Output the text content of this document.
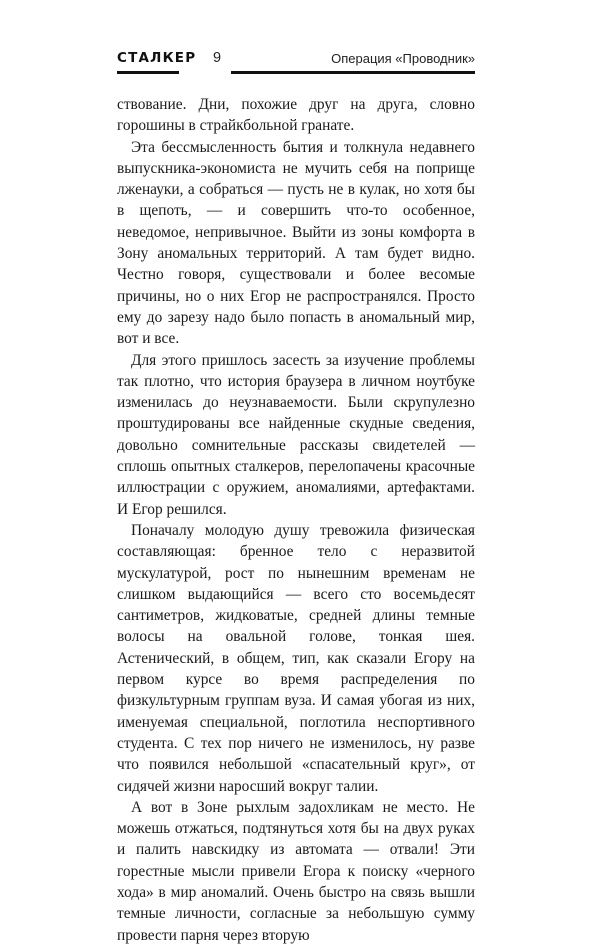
СТАЛКЕР 9	Операция «Проводник»

ствование. Дни, похожие друг на друга, словно горошины в страйкбольной гранате.

Эта бессмысленность бытия и толкнула недавнего выпускника-экономиста не мучить себя на поприще лженауки, а собраться — пусть не в кулак, но хотя бы в щепоть, — и совершить что-то особенное, неведомое, непривычное. Выйти из зоны комфорта в Зону аномальных территорий. А там будет видно. Честно говоря, существовали и более весомые причины, но о них Егор не распространялся. Просто ему до зарезу надо было попасть в аномальный мир, вот и все.

Для этого пришлось засесть за изучение проблемы так плотно, что история браузера в личном ноутбуке изменилась до неузнаваемости. Были скрупулезно проштудированы все найденные скудные сведения, довольно сомнительные рассказы свидетелей — сплошь опытных сталкеров, перелопачены красочные иллюстрации с оружием, аномалиями, артефактами. И Егор решился.

Поначалу молодую душу тревожила физическая составляющая: бренное тело с неразвитой мускулатурой, рост по нынешним временам не слишком выдающийся — всего сто восемьдесят сантиметров, жидковатые, средней длины темные волосы на овальной голове, тонкая шея. Астенический, в общем, тип, как сказали Егору на первом курсе во время распределения по физкультурным группам вуза. И самая убогая из них, именуемая специальной, поглотила неспортивного студента. С тех пор ничего не изменилось, ну разве что появился небольшой «спасательный круг», от сидячей жизни наросший вокруг талии.

А вот в Зоне рыхлым задохликам не место. Не можешь отжаться, подтянуться хотя бы на двух руках и палить навскидку из автомата — отвали! Эти горестные мысли привели Егора к поиску «черного хода» в мир аномалий. Очень быстро на связь вышли темные личности, согласные за небольшую сумму провести парня через вторую
